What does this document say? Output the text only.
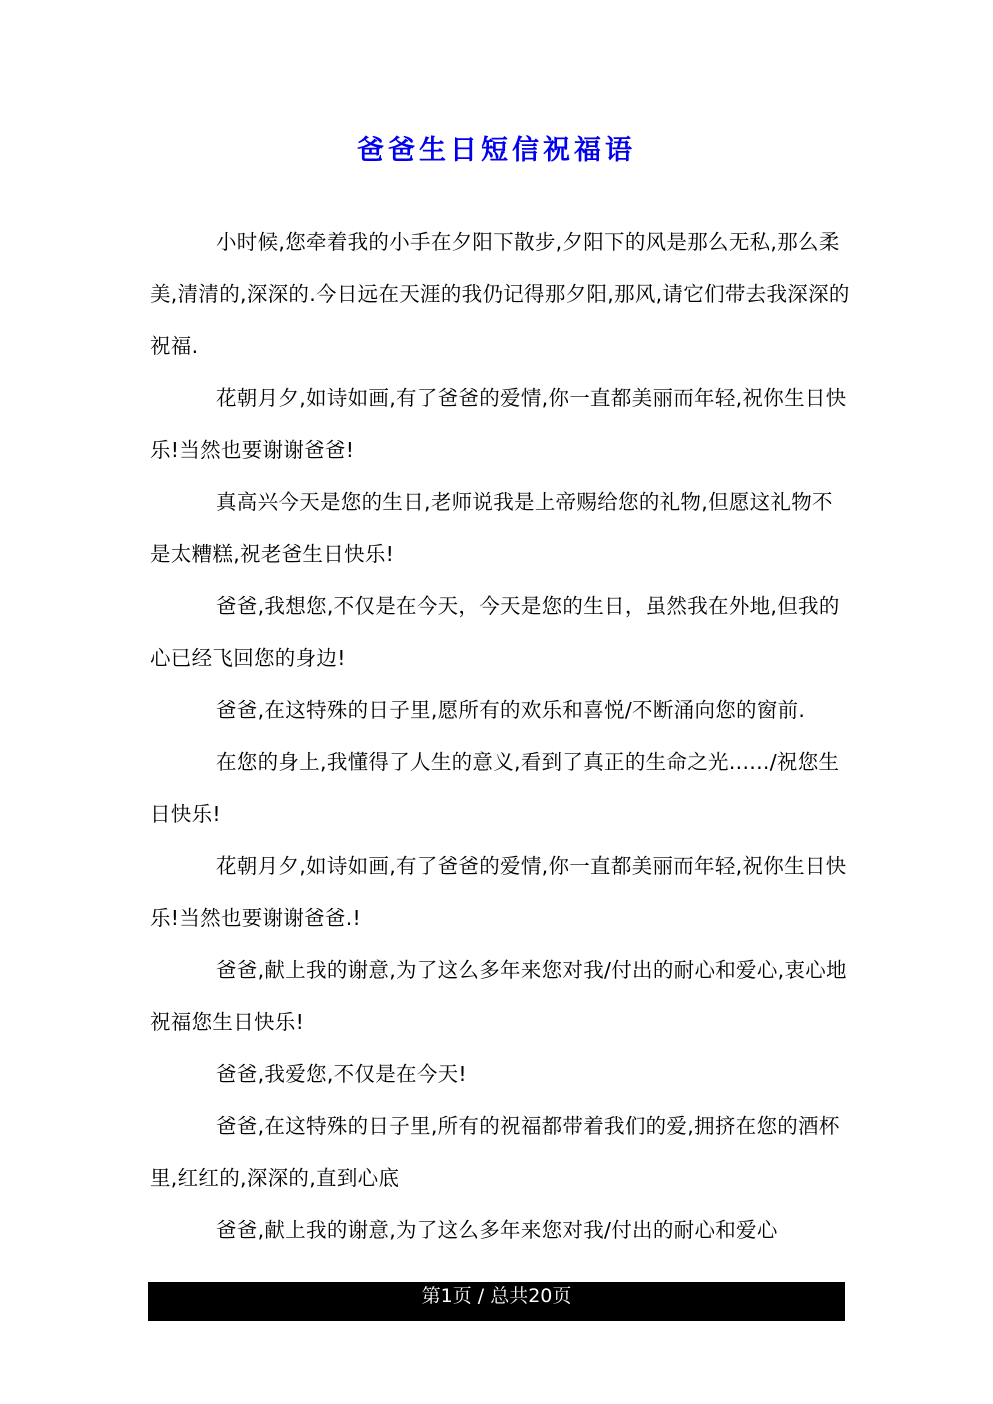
爸爸生日短信祝福语

小时候,您牵着我的小手在夕阳下散步,夕阳下的风是那么无私,那么柔美,清清的,深深的.今日远在天涯的我仍记得那夕阳,那风,请它们带去我深深的祝福.

花朝月夕,如诗如画,有了爸爸的爱情,你一直都美丽而年轻,祝你生日快乐!当然也要谢谢爸爸!

真高兴今天是您的生日,老师说我是上帝赐给您的礼物,但愿这礼物不是太糟糕,祝老爸生日快乐!

爸爸,我想您,不仅是在今天，今天是您的生日，虽然我在外地,但我的心已经飞回您的身边!

爸爸,在这特殊的日子里,愿所有的欢乐和喜悦/不断涌向您的窗前.

在您的身上,我懂得了人生的意义,看到了真正的生命之光....../祝您生日快乐!

花朝月夕,如诗如画,有了爸爸的爱情,你一直都美丽而年轻,祝你生日快乐!当然也要谢谢爸爸.!

爸爸,献上我的谢意,为了这么多年来您对我/付出的耐心和爱心,衷心地祝福您生日快乐!

爸爸,我爱您,不仅是在今天!

爸爸,在这特殊的日子里,所有的祝福都带着我们的爱,拥挤在您的酒杯里,红红的,深深的,直到心底

爸爸,献上我的谢意,为了这么多年来您对我/付出的耐心和爱心

第1页 / 总共20页
